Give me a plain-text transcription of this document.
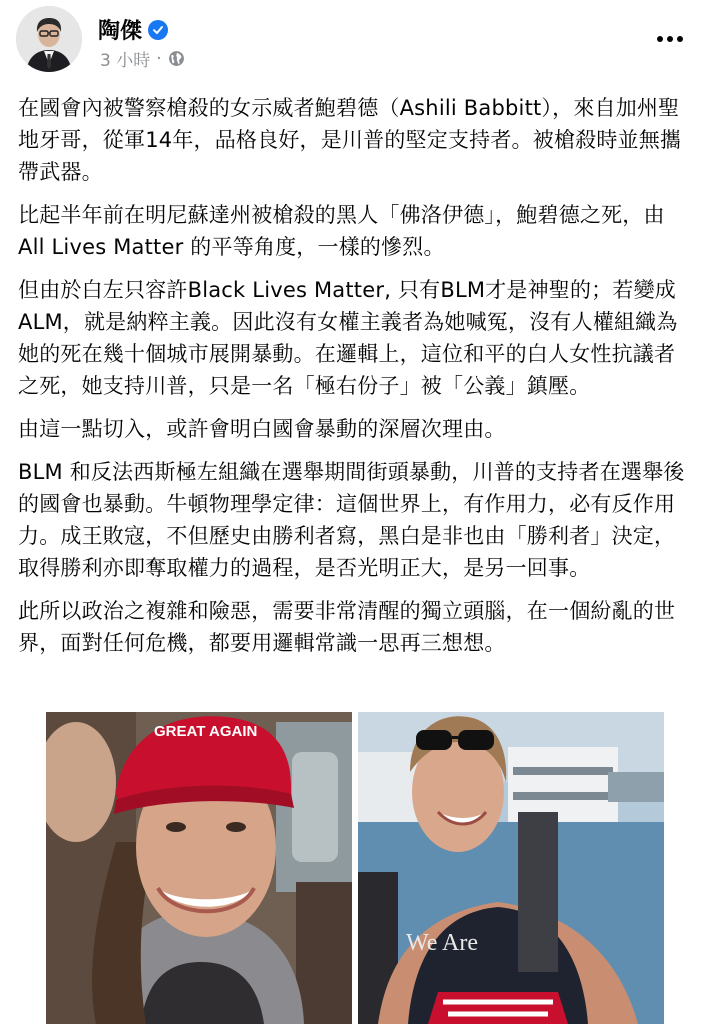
陶傑
3 小時 ·

在國會內被警察槍殺的女示威者鮑碧德（Ashili Babbitt），來自加州聖地牙哥，從軍14年，品格良好，是川普的堅定支持者。被槍殺時並無攜帶武器。

比起半年前在明尼蘇達州被槍殺的黑人「佛洛伊德」，鮑碧德之死，由 All Lives Matter 的平等角度，一樣的慘烈。

但由於白左只容許Black Lives Matter, 只有BLM才是神聖的；若變成ALM，就是納粹主義。因此沒有女權主義者為她喊冤，沒有人權組織為她的死在幾十個城市展開暴動。在邏輯上，這位和平的白人女性抗議者之死，她支持川普，只是一名「極右份子」被「公義」鎮壓。

由這一點切入，或許會明白國會暴動的深層次理由。

BLM 和反法西斯極左組織在選舉期間街頭暴動，川普的支持者在選舉後的國會也暴動。牛頓物理學定律：這個世界上，有作用力，必有反作用力。成王敗寇，不但歷史由勝利者寫，黑白是非也由「勝利者」決定，取得勝利亦即奪取權力的過程，是否光明正大，是另一回事。

此所以政治之複雜和險惡，需要非常清醒的獨立頭腦，在一個紛亂的世界，面對任何危機，都要用邏輯常識一思再三想想。

GREAT AGAIN
We Are
